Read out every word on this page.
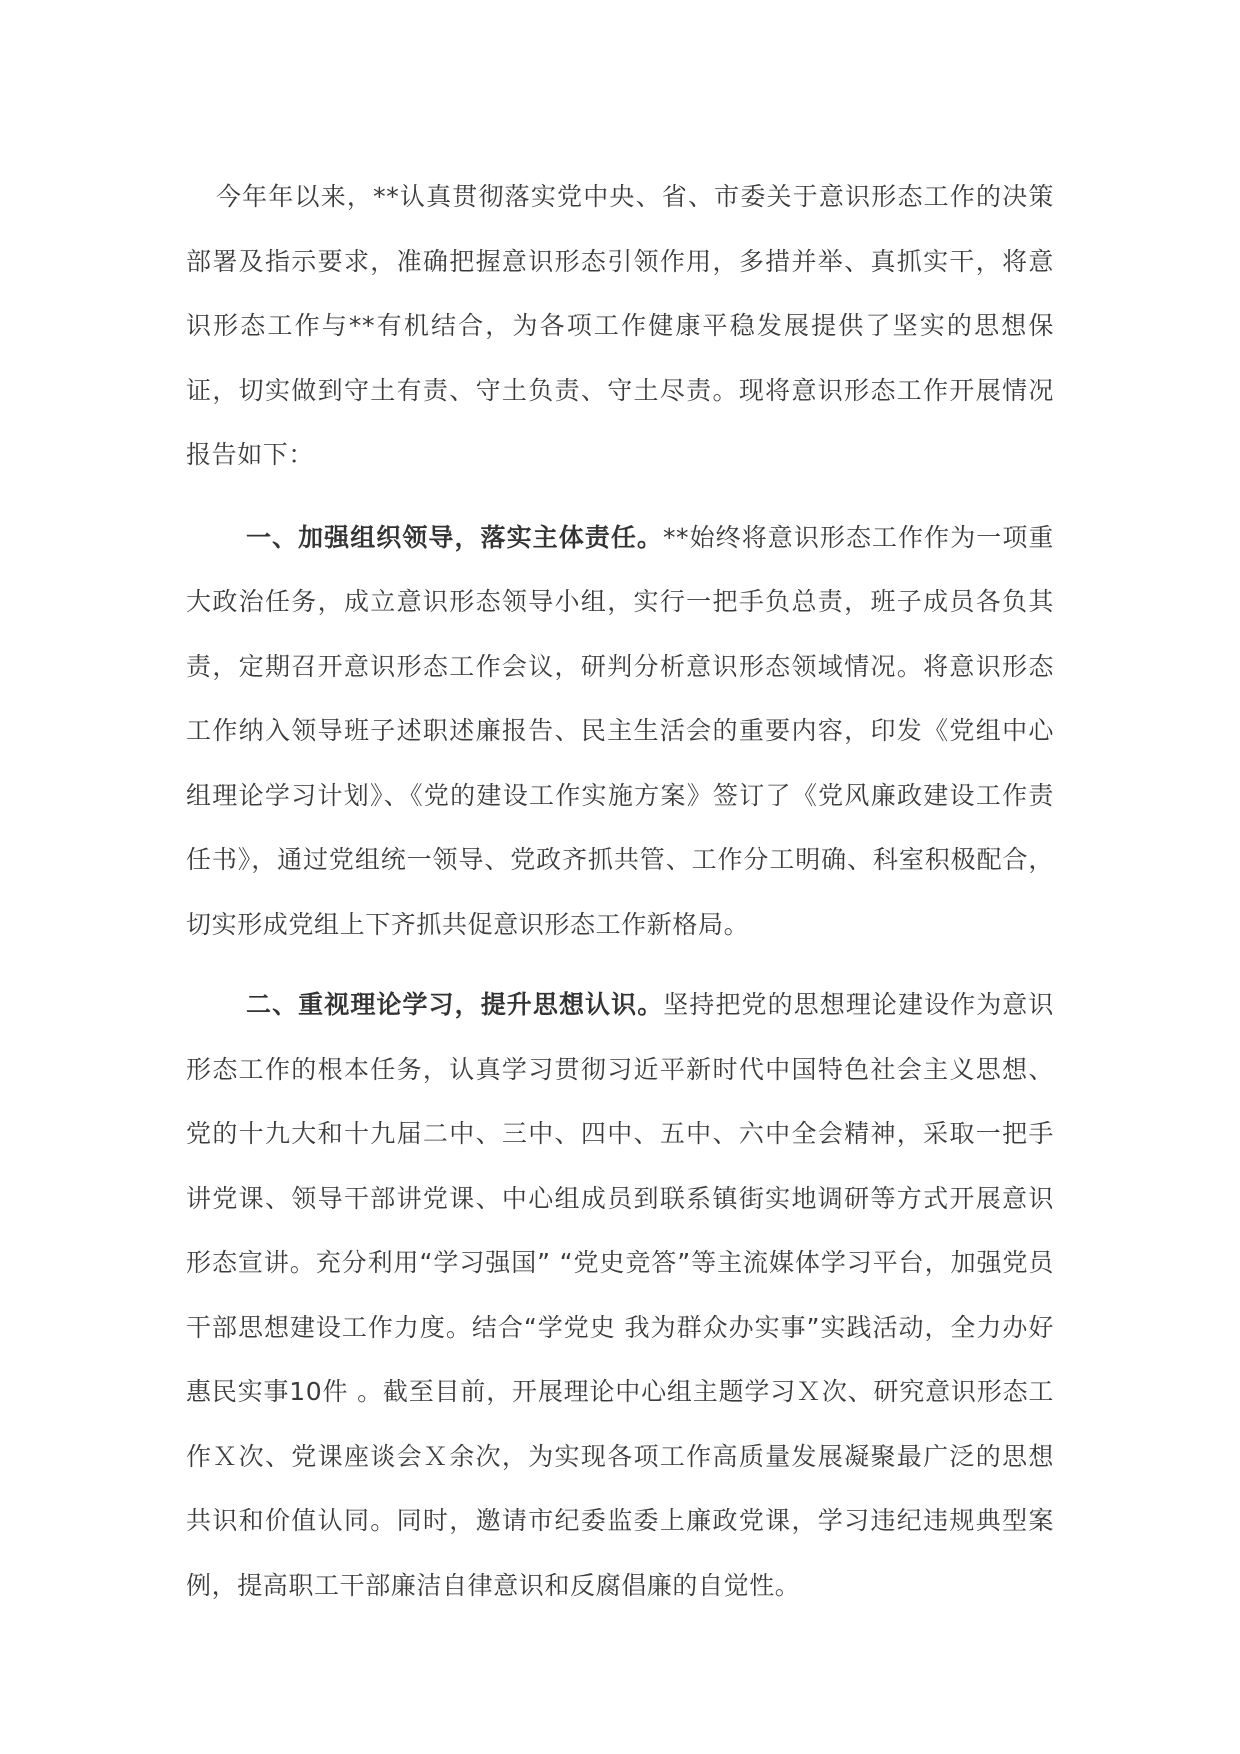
今年年以来，**认真贯彻落实党中央、省、市委关于意识形态工作的决策部署及指示要求，准确把握意识形态引领作用，多措并举、真抓实干，将意识形态工作与**有机结合，为各项工作健康平稳发展提供了坚实的思想保证，切实做到守土有责、守土负责、守土尽责。现将意识形态工作开展情况报告如下：

一、加强组织领导，落实主体责任。**始终将意识形态工作作为一项重大政治任务，成立意识形态领导小组，实行一把手负总责，班子成员各负其责，定期召开意识形态工作会议，研判分析意识形态领域情况。将意识形态工作纳入领导班子述职述廉报告、民主生活会的重要内容，印发《党组中心组理论学习计划》、《党的建设工作实施方案》签订了《党风廉政建设工作责任书》，通过党组统一领导、党政齐抓共管、工作分工明确、科室积极配合，切实形成党组上下齐抓共促意识形态工作新格局。

二、重视理论学习，提升思想认识。坚持把党的思想理论建设作为意识形态工作的根本任务，认真学习贯彻习近平新时代中国特色社会主义思想、党的十九大和十九届二中、三中、四中、五中、六中全会精神，采取一把手讲党课、领导干部讲党课、中心组成员到联系镇街实地调研等方式开展意识形态宣讲。充分利用“学习强国” “党史竞答”等主流媒体学习平台，加强党员干部思想建设工作力度。结合“学党史 我为群众办实事”实践活动，全力办好惠民实事10件 。截至目前，开展理论中心组主题学习Ｘ次、研究意识形态工作Ｘ次、党课座谈会Ｘ余次，为实现各项工作高质量发展凝聚最广泛的思想共识和价值认同。同时，邀请市纪委监委上廉政党课，学习违纪违规典型案例，提高职工干部廉洁自律意识和反腐倡廉的自觉性。
